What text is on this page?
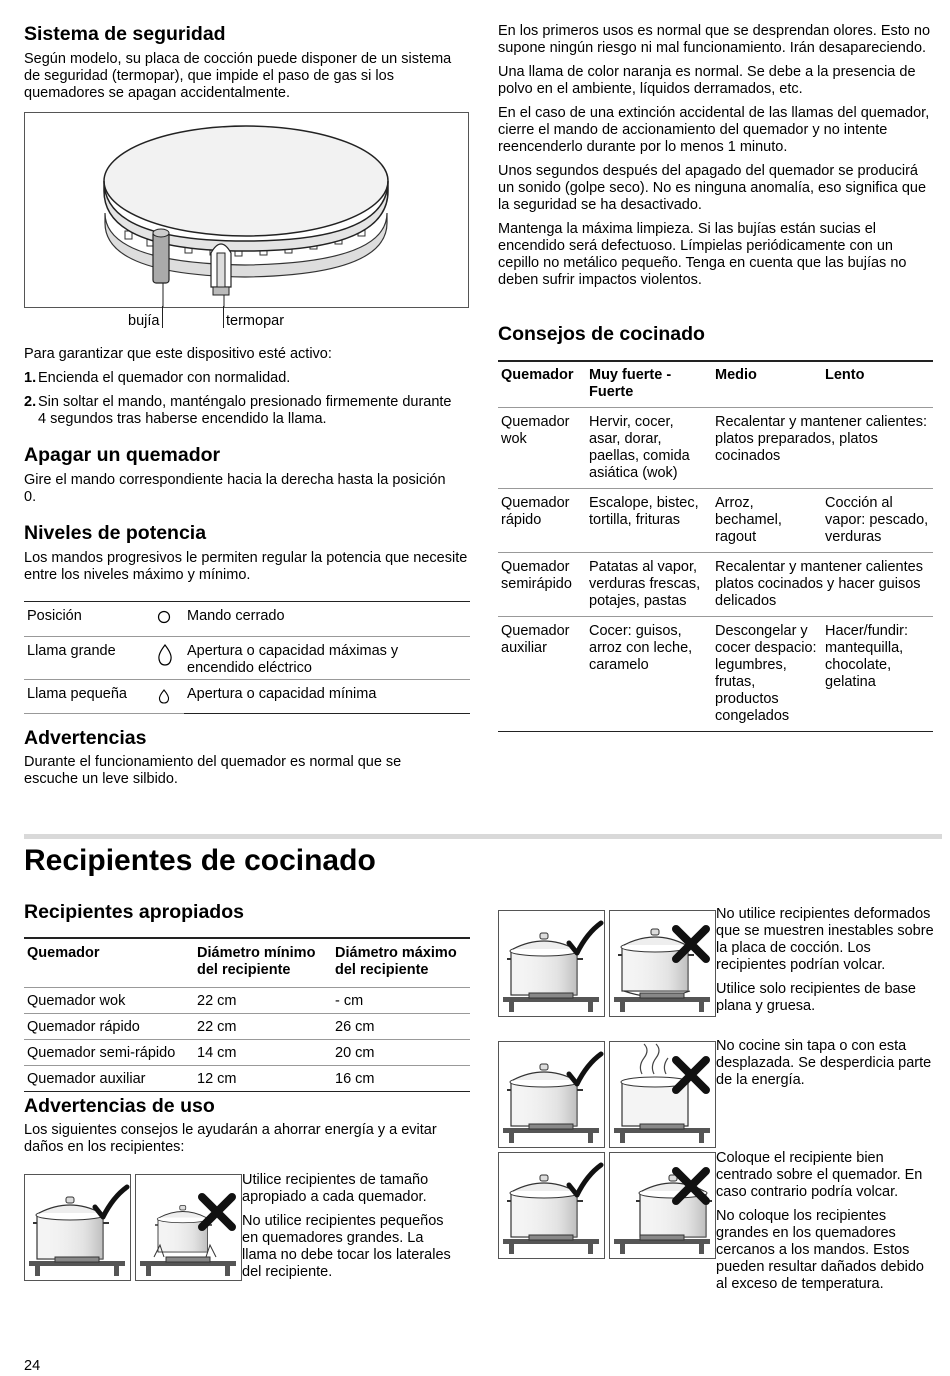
Sistema de seguridad

Según modelo, su placa de cocción puede disponer de un sistema de seguridad (termopar), que impide el paso de gas si los quemadores se apagan accidentalmente.

bujía	termopar

Para garantizar que este dispositivo esté activo:

1. Encienda el quemador con normalidad.
2. Sin soltar el mando, manténgalo presionado firmemente durante 4 segundos tras haberse encendido la llama.
Apagar un quemador

Gire el mando correspondiente hacia la derecha hasta la posición 0.

Niveles de potencia

Los mandos progresivos le permiten regular la potencia que necesite entre los niveles máximo y mínimo.

Posición		Mando cerrado
Llama grande		Apertura o capacidad máximas y encendido eléctrico
Llama pequeña		Apertura o capacidad mínima
Advertencias

Durante el funcionamiento del quemador es normal que se escuche un leve silbido.

En los primeros usos es normal que se desprendan olores. Esto no supone ningún riesgo ni mal funcionamiento. Irán desapareciendo.

Una llama de color naranja es normal. Se debe a la presencia de polvo en el ambiente, líquidos derramados, etc.

En el caso de una extinción accidental de las llamas del quemador, cierre el mando de accionamiento del quemador y no intente reencenderlo durante por lo menos 1 minuto.

Unos segundos después del apagado del quemador se producirá un sonido (golpe seco). No es ninguna anomalía, eso significa que la seguridad se ha desactivado.

Mantenga la máxima limpieza. Si las bujías están sucias el encendido será defectuoso. Límpielas periódicamente con un cepillo no metálico pequeño. Tenga en cuenta que las bujías no deben sufrir impactos violentos.

Consejos de cocinado
Quemador	Muy fuerte - Fuerte	Medio	Lento
Quemador wok	Hervir, cocer, asar, dorar, paellas, comida asiática (wok)	Recalentar y mantener calientes: platos preparados, platos cocinados	
Quemador rápido	Escalope, bistec, tortilla, frituras	Arroz, bechamel, ragout	Cocción al vapor: pescado, verduras
Quemador semirápido	Patatas al vapor, verduras frescas, potajes, pastas	Recalentar y mantener calientes platos cocinados y hacer guisos delicados	
Quemador auxiliar	Cocer: guisos, arroz con leche, caramelo	Descongelar y cocer despacio: legumbres, frutas, productos congelados	Hacer/fundir: mantequilla, chocolate, gelatina
Recipientes de cocinado
Recipientes apropiados
Quemador	Diámetro mínimo del recipiente	Diámetro máximo del recipiente
Quemador wok	22 cm	- cm
Quemador rápido	22 cm	26 cm
Quemador semi-rápido	14 cm	20 cm
Quemador auxiliar	12 cm	16 cm
Advertencias de uso

Los siguientes consejos le ayudarán a ahorrar energía y a evitar daños en los recipientes:

Utilice recipientes de tamaño apropiado a cada quemador.

No utilice recipientes pequeños en quemadores grandes. La llama no debe tocar los laterales del recipiente.

No utilice recipientes deformados que se muestren inestables sobre la placa de cocción. Los recipientes podrían volcar.

Utilice solo recipientes de base plana y gruesa.

No cocine sin tapa o con esta desplazada. Se desperdicia parte de la energía.

Coloque el recipiente bien centrado sobre el quemador. En caso contrario podría volcar.

No coloque los recipientes grandes en los quemadores cercanos a los mandos. Estos pueden resultar dañados debido al exceso de temperatura.

24
